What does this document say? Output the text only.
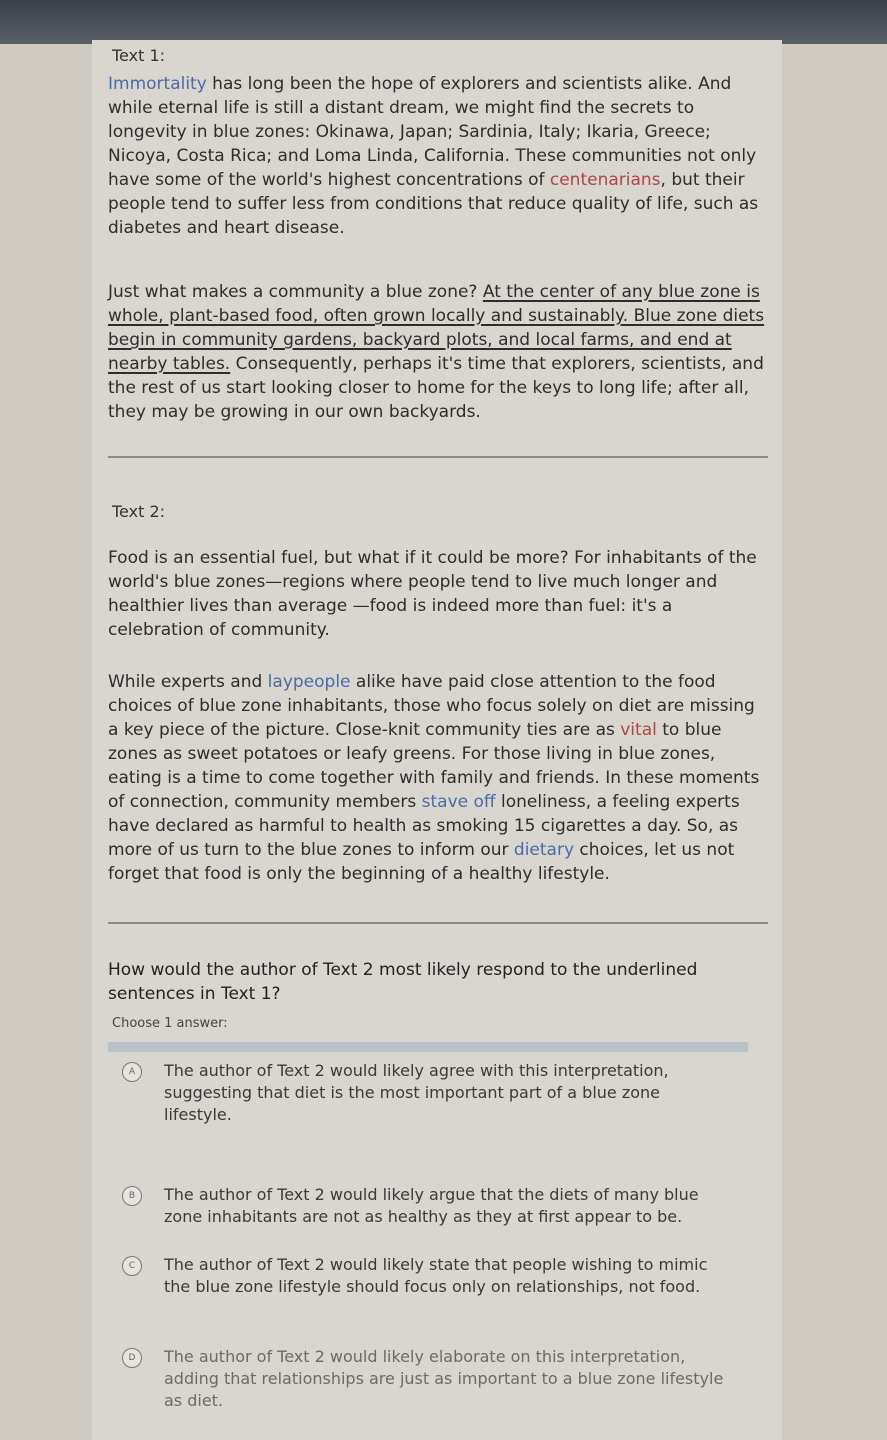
Text 1:

Immortality has long been the hope of explorers and scientists alike. And while eternal life is still a distant dream, we might find the secrets to longevity in blue zones: Okinawa, Japan; Sardinia, Italy; Ikaria, Greece; Nicoya, Costa Rica; and Loma Linda, California. These communities not only have some of the world's highest concentrations of centenarians, but their people tend to suffer less from conditions that reduce quality of life, such as diabetes and heart disease.

Just what makes a community a blue zone? At the center of any blue zone is whole, plant-based food, often grown locally and sustainably. Blue zone diets begin in community gardens, backyard plots, and local farms, and end at nearby tables. Consequently, perhaps it's time that explorers, scientists, and the rest of us start looking closer to home for the keys to long life; after all, they may be growing in our own backyards.

Text 2:
Food is an essential fuel, but what if it could be more? For inhabitants of the world's blue zones—regions where people tend to live much longer and healthier lives than average —food is indeed more than fuel: it's a celebration of community.

While experts and laypeople alike have paid close attention to the food choices of blue zone inhabitants, those who focus solely on diet are missing a key piece of the picture. Close-knit community ties are as vital to blue zones as sweet potatoes or leafy greens. For those living in blue zones, eating is a time to come together with family and friends. In these moments of connection, community members stave off loneliness, a feeling experts have declared as harmful to health as smoking 15 cigarettes a day. So, as more of us turn to the blue zones to inform our dietary choices, let us not forget that food is only the beginning of a healthy lifestyle.

How would the author of Text 2 most likely respond to the underlined sentences in Text 1?
Choose 1 answer:
A	The author of Text 2 would likely agree with this interpretation, suggesting that diet is the most important part of a blue zone lifestyle.
B	The author of Text 2 would likely argue that the diets of many blue zone inhabitants are not as healthy as they at first appear to be.
C	The author of Text 2 would likely state that people wishing to mimic the blue zone lifestyle should focus only on relationships, not food.
D	The author of Text 2 would likely elaborate on this interpretation, adding that relationships are just as important to a blue zone lifestyle as diet.
